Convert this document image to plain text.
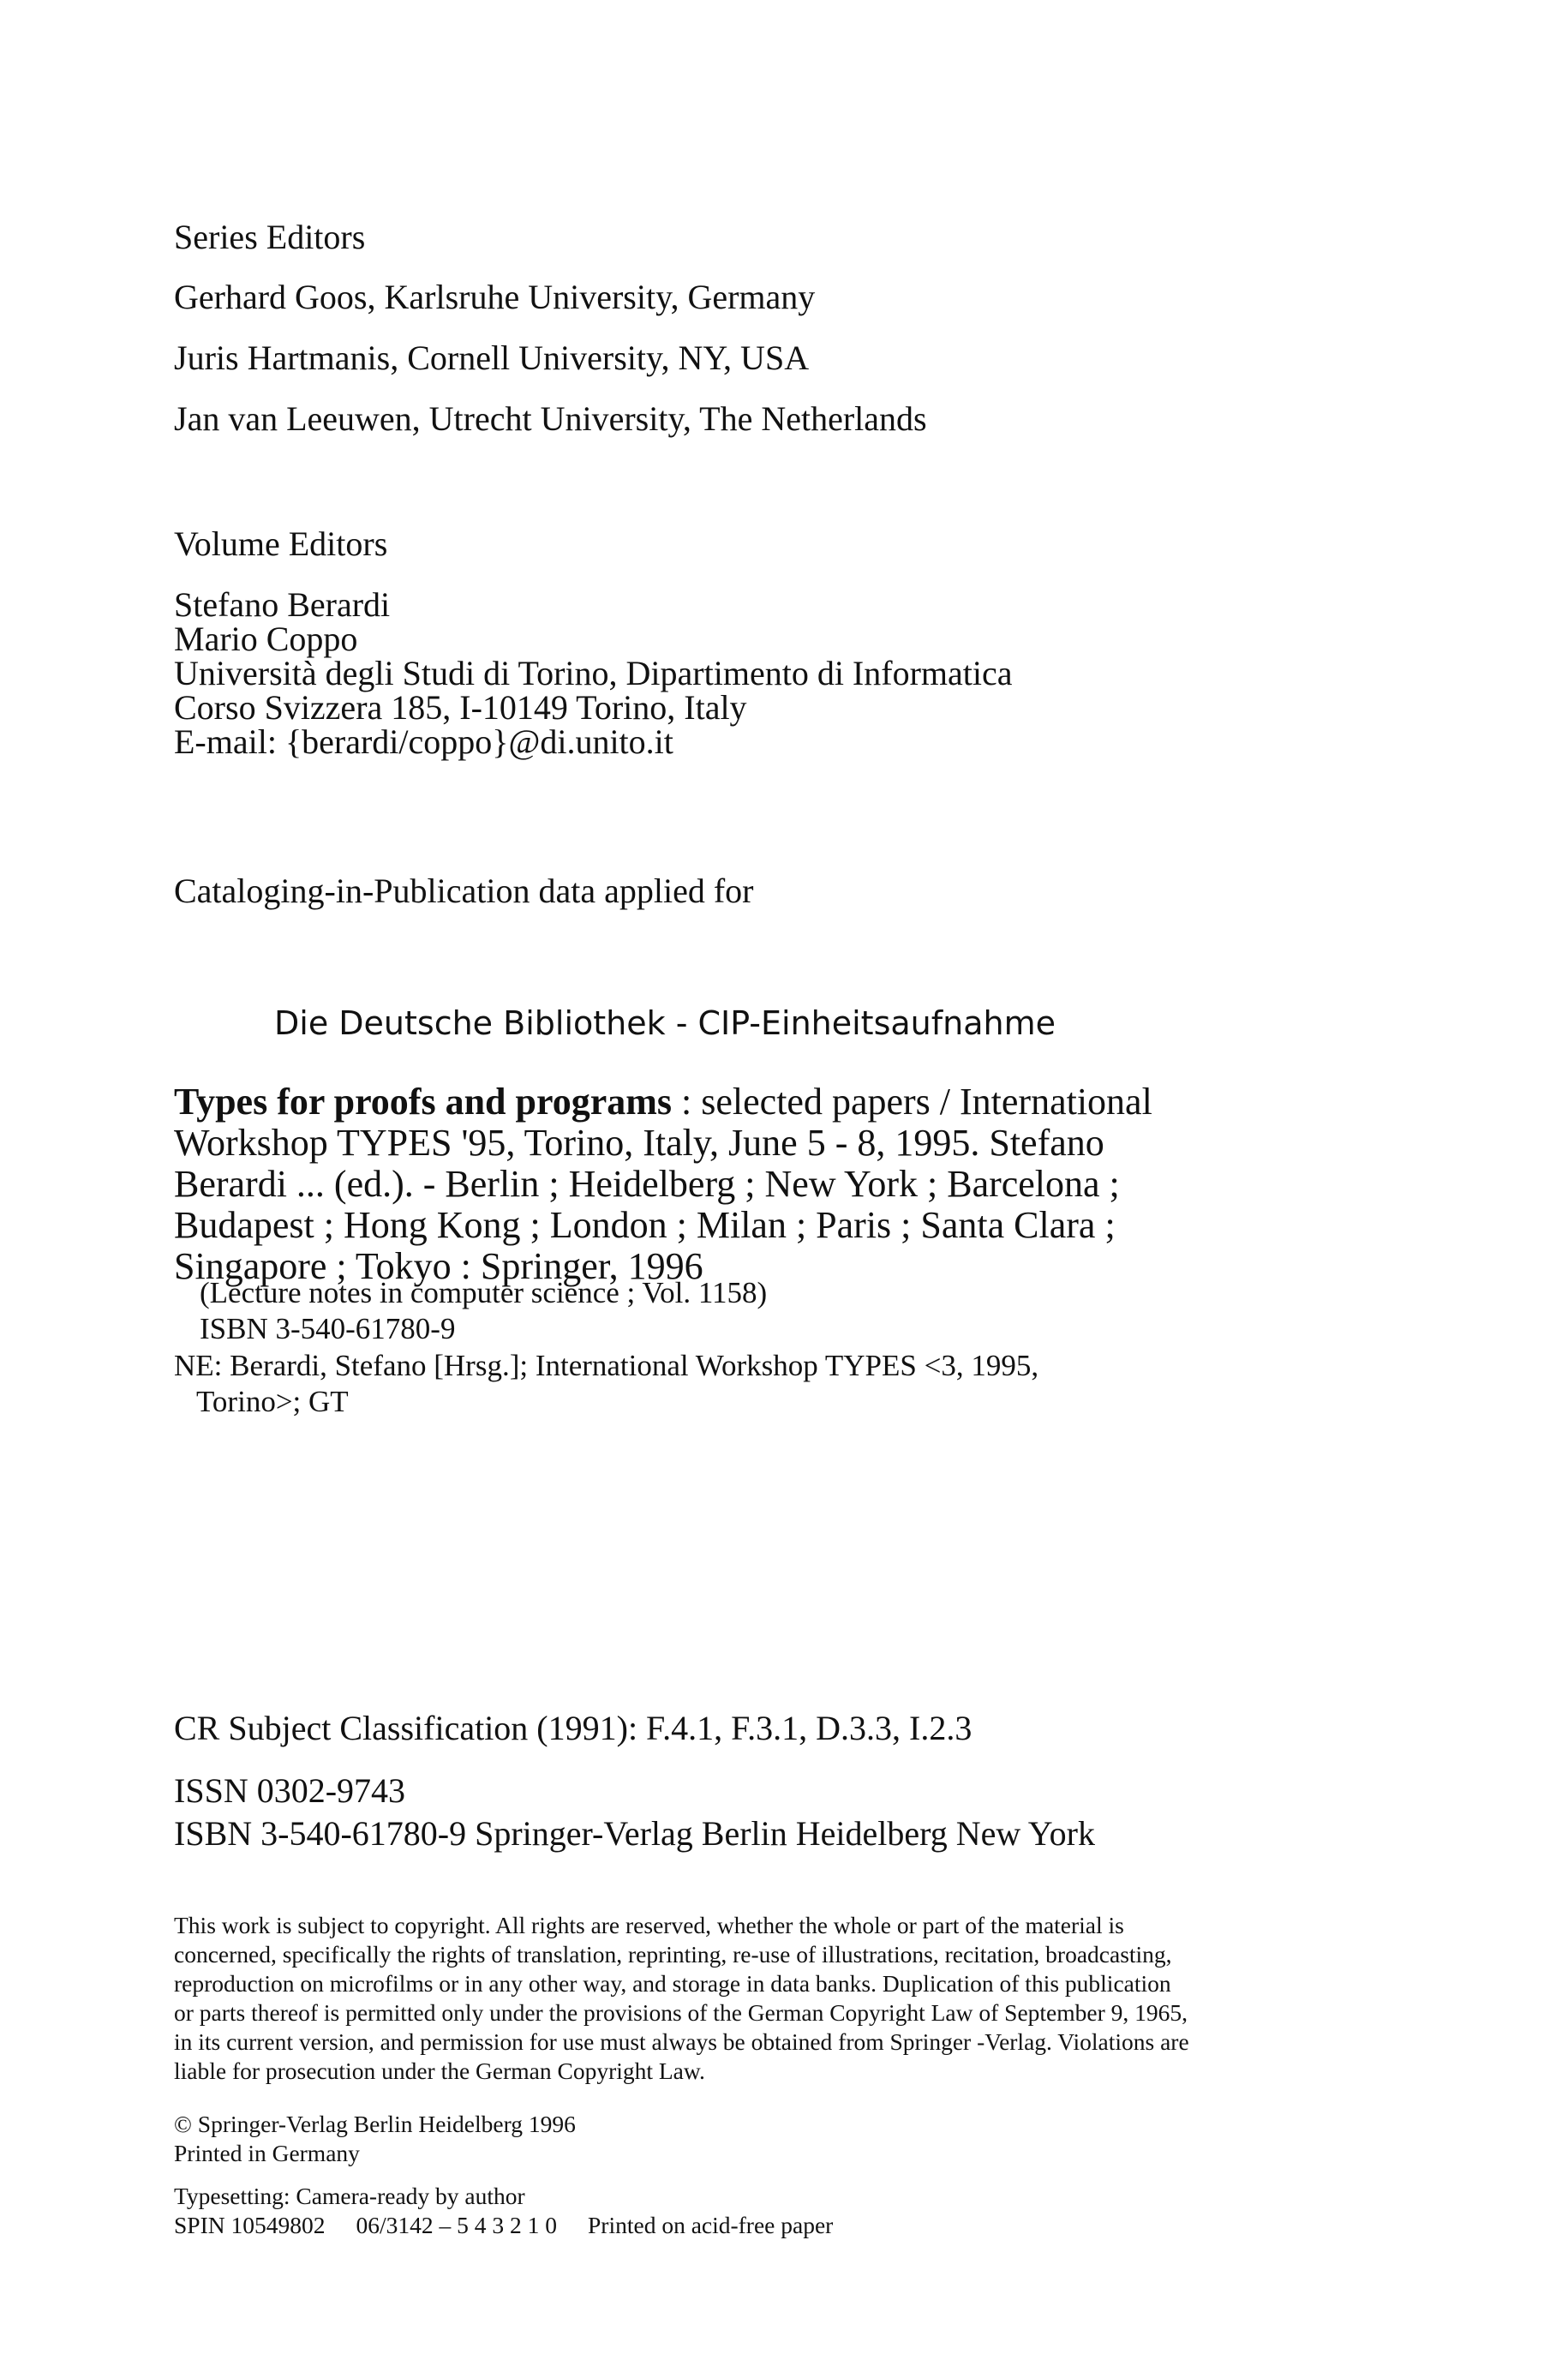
Series Editors
Gerhard Goos, Karlsruhe University, Germany
Juris Hartmanis, Cornell University, NY, USA
Jan van Leeuwen, Utrecht University, The Netherlands
Volume Editors
Stefano Berardi
Mario Coppo
Università degli Studi di Torino, Dipartimento di Informatica
Corso Svizzera 185, I-10149 Torino, Italy
E-mail: {berardi/coppo}@di.unito.it
Cataloging-in-Publication data applied for
Die Deutsche Bibliothek - CIP-Einheitsaufnahme
Types for proofs and programs : selected papers / International
Workshop TYPES '95, Torino, Italy, June 5 - 8, 1995. Stefano
Berardi ... (ed.). - Berlin ; Heidelberg ; New York ; Barcelona ;
Budapest ; Hong Kong ; London ; Milan ; Paris ; Santa Clara ;
Singapore ; Tokyo : Springer, 1996
(Lecture notes in computer science ; Vol. 1158)
ISBN 3-540-61780-9
NE: Berardi, Stefano [Hrsg.]; International Workshop TYPES <3, 1995,
Torino>; GT
CR Subject Classification (1991): F.4.1, F.3.1, D.3.3, I.2.3
ISSN 0302-9743
ISBN 3-540-61780-9 Springer-Verlag Berlin Heidelberg New York
This work is subject to copyright. All rights are reserved, whether the whole or part of the material is
concerned, specifically the rights of translation, reprinting, re-use of illustrations, recitation, broadcasting,
reproduction on microfilms or in any other way, and storage in data banks. Duplication of this publication
or parts thereof is permitted only under the provisions of the German Copyright Law of September 9, 1965,
in its current version, and permission for use must always be obtained from Springer -Verlag. Violations are
liable for prosecution under the German Copyright Law.
© Springer-Verlag Berlin Heidelberg 1996
Printed in Germany
Typesetting: Camera-ready by author
SPIN 10549802 06/3142 – 5 4 3 2 1 0 Printed on acid-free paper
